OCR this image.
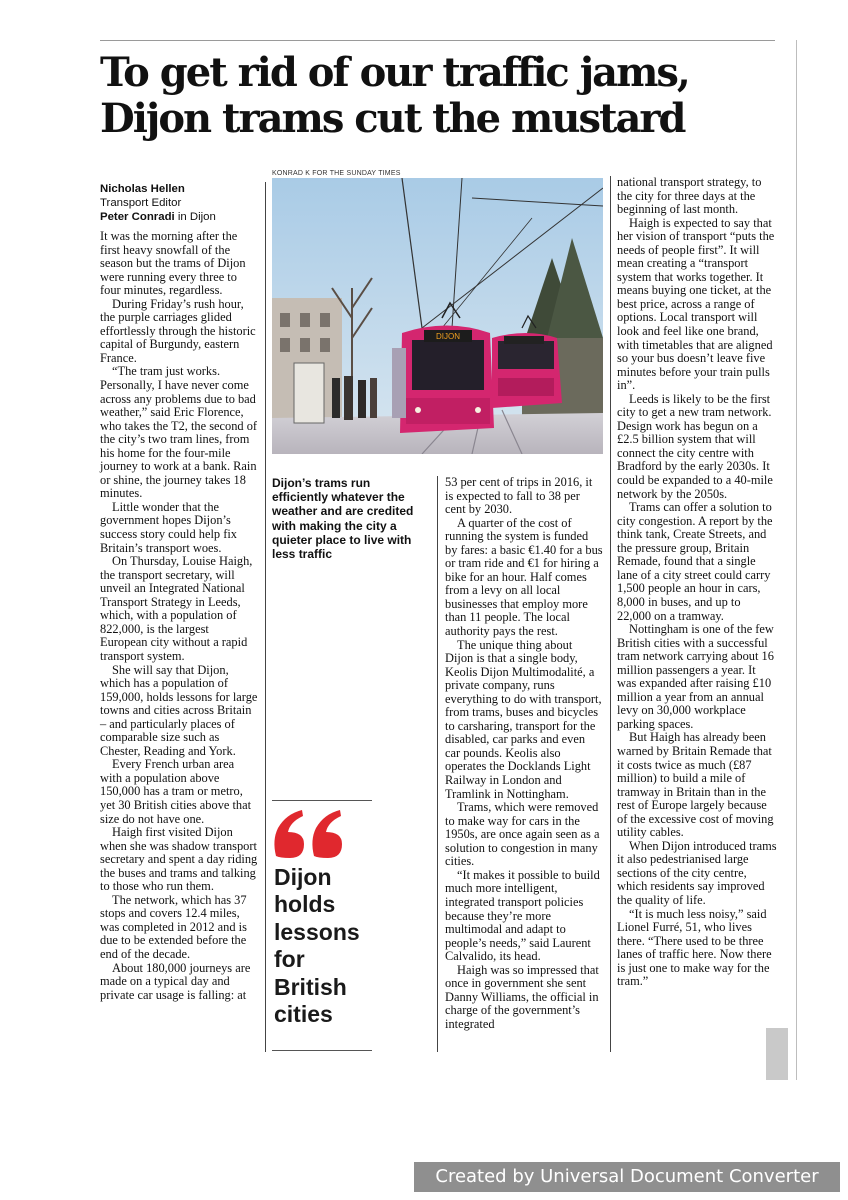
To get rid of our traffic jams,
Dijon trams cut the mustard
Nicholas Hellen
Transport Editor
Peter Conradi in Dijon

It was the morning after the first heavy snowfall of the season but the trams of Dijon were running every three to four minutes, regardless.

During Friday’s rush hour, the purple carriages glided effortlessly through the historic capital of Burgundy, eastern France.

“The tram just works. Personally, I have never come across any problems due to bad weather,” said Eric Florence, who takes the T2, the second of the city’s two tram lines, from his home for the four-mile journey to work at a bank. Rain or shine, the journey takes 18 minutes.

Little wonder that the government hopes Dijon’s success story could help fix Britain’s transport woes.

On Thursday, Louise Haigh, the transport secretary, will unveil an Integrated National Transport Strategy in Leeds, which, with a population of 822,000, is the largest European city without a rapid transport system.

She will say that Dijon, which has a population of 159,000, holds lessons for large towns and cities across Britain – and particularly places of comparable size such as Chester, Reading and York.

Every French urban area with a population above 150,000 has a tram or metro, yet 30 British cities above that size do not have one.

Haigh first visited Dijon when she was shadow transport secretary and spent a day riding the buses and trams and talking to those who run them.

The network, which has 37 stops and covers 12.4 miles, was completed in 2012 and is due to be extended before the end of the decade.

About 180,000 journeys are made on a typical day and private car usage is falling: at

KONRAD K FOR THE SUNDAY TIMES
DIJON

Dijon’s trams run efficiently whatever the weather and are credited with making the city a quieter place to live with less traffic

Dijon holds lessons for British cities

53 per cent of trips in 2016, it is expected to fall to 38 per cent by 2030.

A quarter of the cost of running the system is funded by fares: a basic €1.40 for a bus or tram ride and €1 for hiring a bike for an hour. Half comes from a levy on all local businesses that employ more than 11 people. The local authority pays the rest.

The unique thing about Dijon is that a single body, Keolis Dijon Multimodalité, a private company, runs everything to do with transport, from trams, buses and bicycles to carsharing, transport for the disabled, car parks and even car pounds. Keolis also operates the Docklands Light Railway in London and Tramlink in Nottingham.

Trams, which were removed to make way for cars in the 1950s, are once again seen as a solution to congestion in many cities.

“It makes it possible to build much more intelligent, integrated transport policies because they’re more multimodal and adapt to people’s needs,” said Laurent Calvalido, its head.

Haigh was so impressed that once in government she sent Danny Williams, the official in charge of the government’s integrated

national transport strategy, to the city for three days at the beginning of last month.

Haigh is expected to say that her vision of transport “puts the needs of people first”. It will mean creating a “transport system that works together. It means buying one ticket, at the best price, across a range of options. Local transport will look and feel like one brand, with timetables that are aligned so your bus doesn’t leave five minutes before your train pulls in”.

Leeds is likely to be the first city to get a new tram network. Design work has begun on a £2.5 billion system that will connect the city centre with Bradford by the early 2030s. It could be expanded to a 40-mile network by the 2050s.

Trams can offer a solution to city congestion. A report by the think tank, Create Streets, and the pressure group, Britain Remade, found that a single lane of a city street could carry 1,500 people an hour in cars, 8,000 in buses, and up to 22,000 on a tramway.

Nottingham is one of the few British cities with a successful tram network carrying about 16 million passengers a year. It was expanded after raising £10 million a year from an annual levy on 30,000 workplace parking spaces.

But Haigh has already been warned by Britain Remade that it costs twice as much (£87 million) to build a mile of tramway in Britain than in the rest of Europe largely because of the excessive cost of moving utility cables.

When Dijon introduced trams it also pedestrianised large sections of the city centre, which residents say improved the quality of life.

“It is much less noisy,” said Lionel Furré, 51, who lives there. “There used to be three lanes of traffic here. Now there is just one to make way for the tram.”

Created by Universal Document Converter
